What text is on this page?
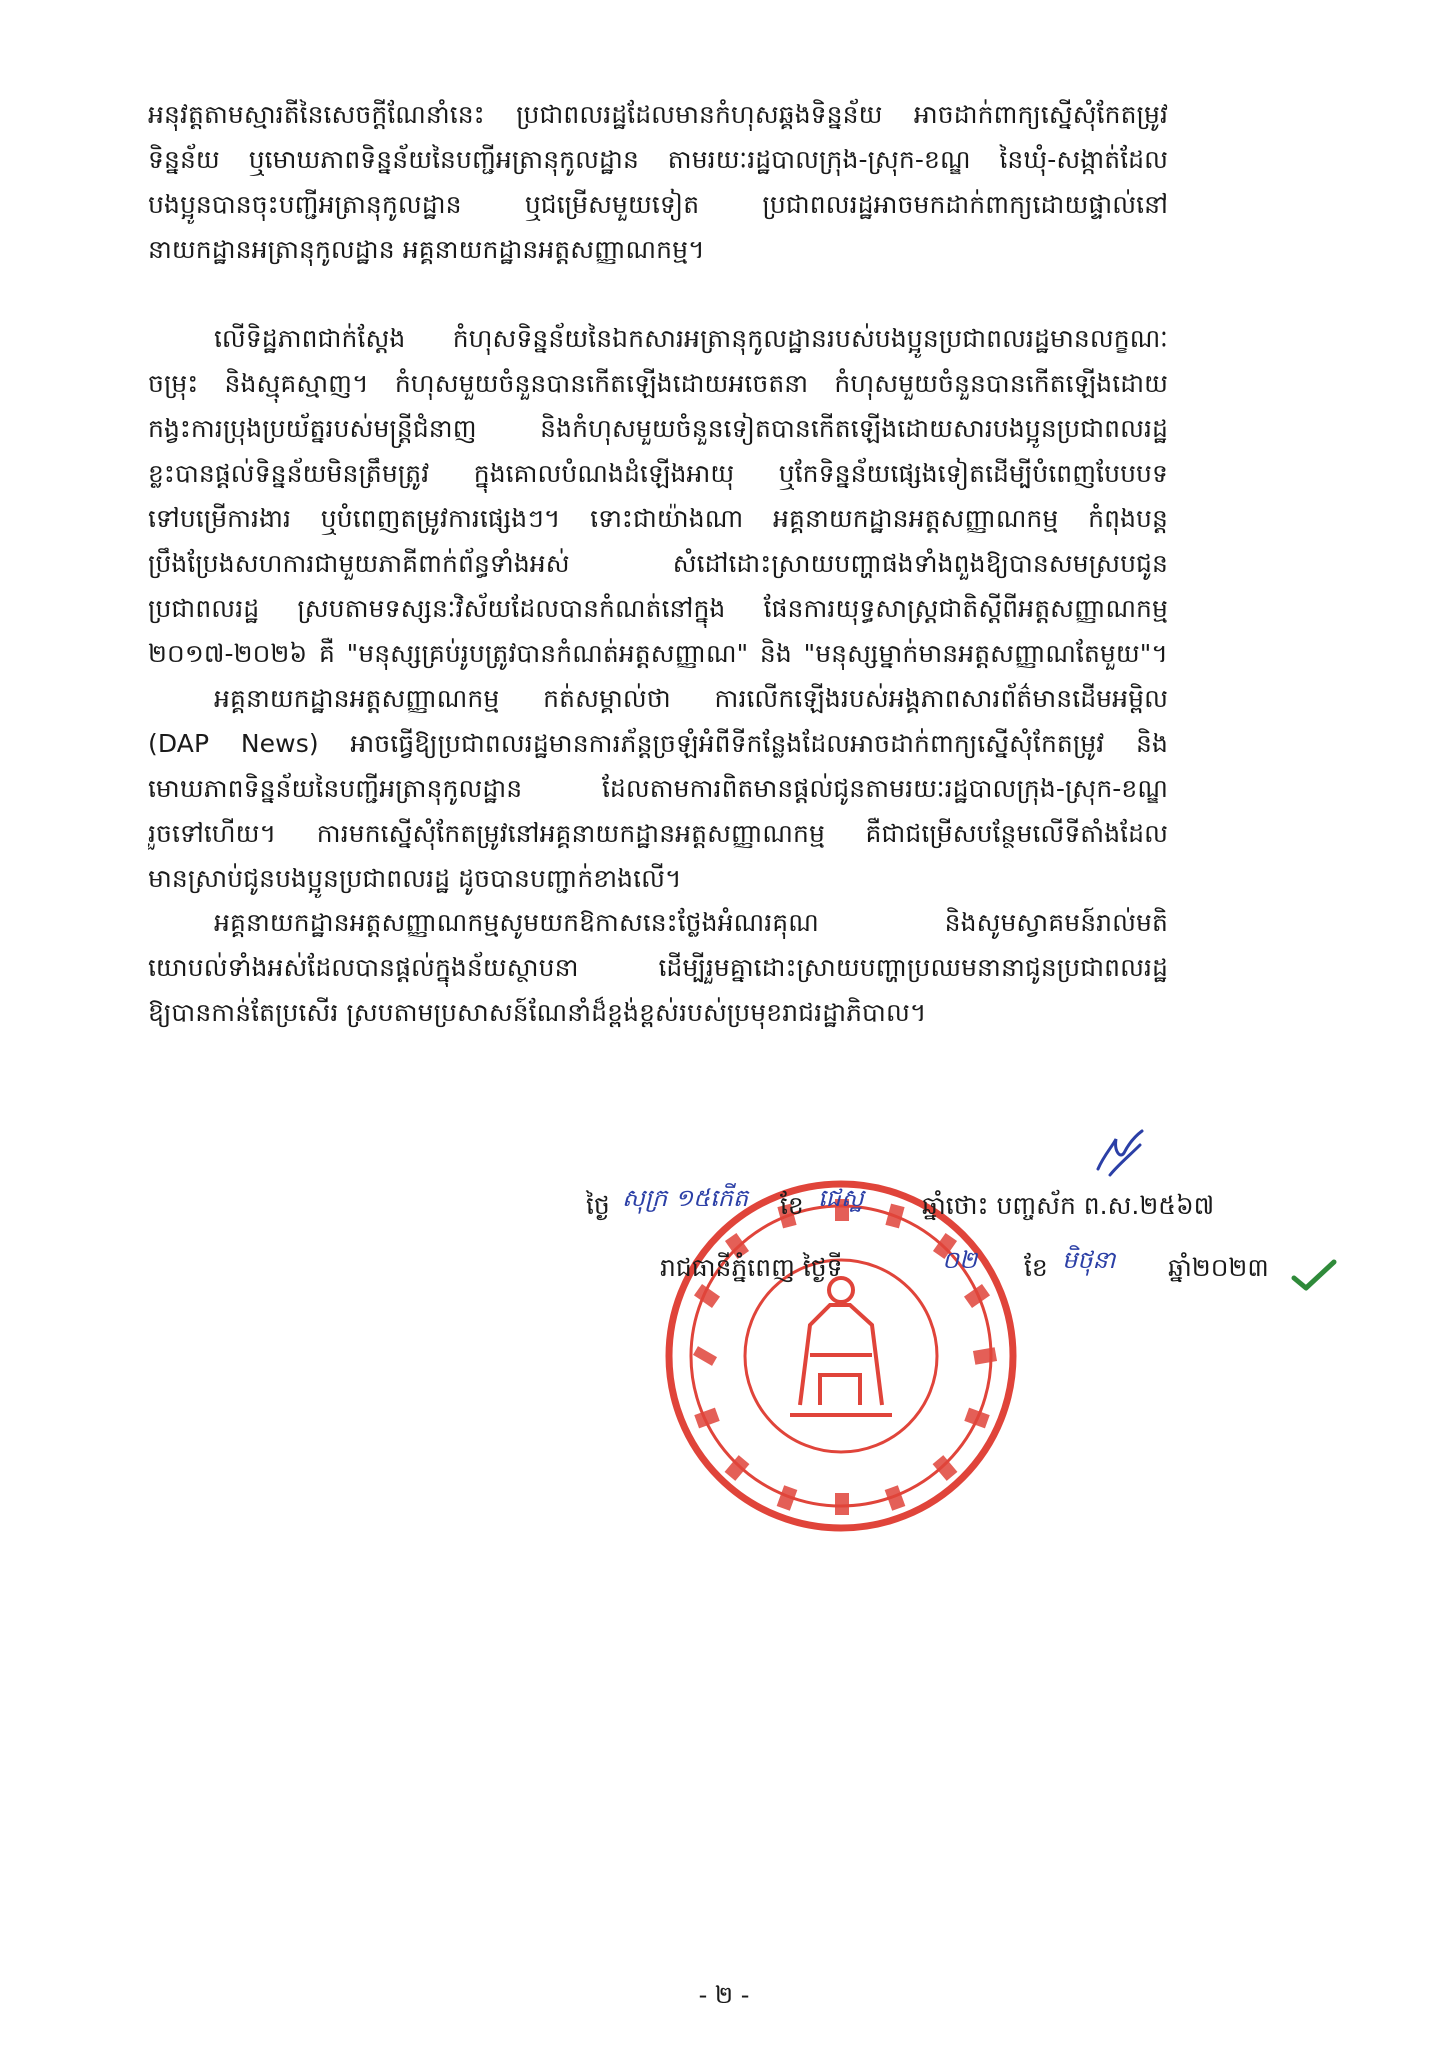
អនុវត្តតាមស្មារតីនៃសេចក្តីណែនាំនេះ ប្រជាពលរដ្ឋដែលមានកំហុសឆ្គងទិន្នន័យ អាចដាក់ពាក្យស្នើសុំកែតម្រូវ
ទិន្នន័យ ឬមោឃភាពទិន្នន័យនៃបញ្ជីអត្រានុកូលដ្ឋាន តាមរយៈរដ្ឋបាលក្រុង-ស្រុក-ខណ្ឌ នៃឃុំ-សង្កាត់ដែល
បងប្អូនបានចុះបញ្ជីអត្រានុកូលដ្ឋាន ឬជម្រើសមួយទៀត ប្រជាពលរដ្ឋអាចមកដាក់ពាក្យដោយផ្ទាល់នៅ
នាយកដ្ឋានអត្រានុកូលដ្ឋាន អគ្គនាយកដ្ឋានអត្តសញ្ញាណកម្ម។
លើទិដ្ឋភាពជាក់ស្តែង កំហុសទិន្នន័យនៃឯកសារអត្រានុកូលដ្ឋានរបស់បងប្អូនប្រជាពលរដ្ឋមានលក្ខណៈ
ចម្រុះ និងស្មុគស្មាញ។ កំហុសមួយចំនួនបានកើតឡើងដោយអចេតនា កំហុសមួយចំនួនបានកើតឡើងដោយ
កង្វះការប្រុងប្រយ័ត្នរបស់មន្ត្រីជំនាញ និងកំហុសមួយចំនួនទៀតបានកើតឡើងដោយសារបងប្អូនប្រជាពលរដ្ឋ
ខ្លះបានផ្តល់ទិន្នន័យមិនត្រឹមត្រូវ ក្នុងគោលបំណងដំឡើងអាយុ ឬកែទិន្នន័យផ្សេងទៀតដើម្បីបំពេញបែបបទ
ទៅបម្រើការងារ ឬបំពេញតម្រូវការផ្សេងៗ។ ទោះជាយ៉ាងណា អគ្គនាយកដ្ឋានអត្តសញ្ញាណកម្ម កំពុងបន្ត
ប្រឹងប្រែងសហការជាមួយភាគីពាក់ព័ន្ធទាំងអស់ សំដៅដោះស្រាយបញ្ហាផងទាំងពួងឱ្យបានសមស្របជូន
ប្រជាពលរដ្ឋ ស្របតាមទស្សនៈវិស័យដែលបានកំណត់នៅក្នុង ផែនការយុទ្ធសាស្ត្រជាតិស្តីពីអត្តសញ្ញាណកម្ម
២០១៧-២០២៦ គឺ "មនុស្សគ្រប់រូបត្រូវបានកំណត់អត្តសញ្ញាណ" និង "មនុស្សម្នាក់មានអត្តសញ្ញាណតែមួយ"។
អគ្គនាយកដ្ឋានអត្តសញ្ញាណកម្ម កត់សម្គាល់ថា ការលើកឡើងរបស់អង្គភាពសារព័ត៌មានដើមអម្ពិល
(DAP News) អាចធ្វើឱ្យប្រជាពលរដ្ឋមានការភ័ន្តច្រឡំអំពីទីកន្លែងដែលអាចដាក់ពាក្យស្នើសុំកែតម្រូវ និង
មោឃភាពទិន្នន័យនៃបញ្ជីអត្រានុកូលដ្ឋាន ដែលតាមការពិតមានផ្តល់ជូនតាមរយៈរដ្ឋបាលក្រុង-ស្រុក-ខណ្ឌ
រួចទៅហើយ។ ការមកស្នើសុំកែតម្រូវនៅអគ្គនាយកដ្ឋានអត្តសញ្ញាណកម្ម គឺជាជម្រើសបន្ថែមលើទីតាំងដែល
មានស្រាប់ជូនបងប្អូនប្រជាពលរដ្ឋ ដូចបានបញ្ជាក់ខាងលើ។
អគ្គនាយកដ្ឋានអត្តសញ្ញាណកម្មសូមយកឱកាសនេះថ្លែងអំណរគុណ និងសូមស្វាគមន៍រាល់មតិ
យោបល់ទាំងអស់ដែលបានផ្តល់ក្នុងន័យស្ថាបនា ដើម្បីរួមគ្នាដោះស្រាយបញ្ហាប្រឈមនានាជូនប្រជាពលរដ្ឋ
ឱ្យបានកាន់តែប្រសើរ ស្របតាមប្រសាសន៍ណែនាំដ៏ខ្ពង់ខ្ពស់របស់ប្រមុខរាជរដ្ឋាភិបាល។
ថ្ងៃ សុក្រ ១៥កើត ខែ ជេស្ឋ ឆ្នាំថោះ បញ្ចស័ក ព.ស.២៥៦៧
រាជធានីភ្នំពេញ ថ្ងៃទី	០២ ខែ មិថុនា ឆ្នាំ២០២៣
- ២ -
